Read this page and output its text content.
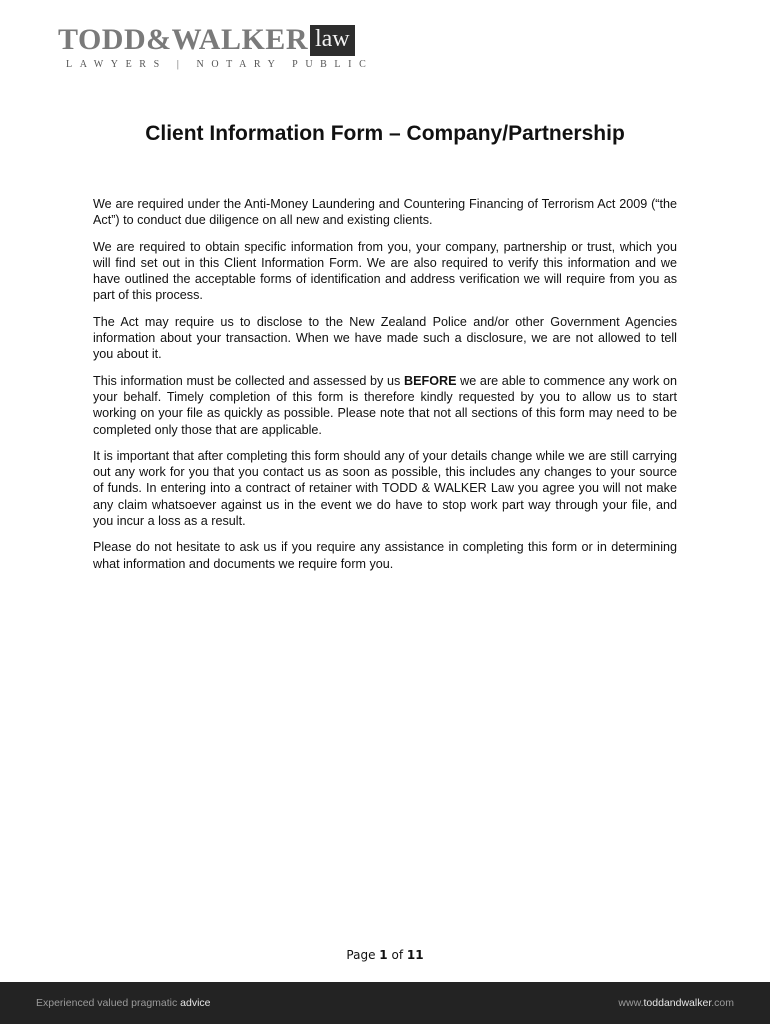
TODD&WALKER law
LAWYERS | NOTARY PUBLIC
Client Information Form – Company/Partnership

We are required under the Anti-Money Laundering and Countering Financing of Terrorism Act 2009 (“the Act”) to conduct due diligence on all new and existing clients.

We are required to obtain specific information from you, your company, partnership or trust, which you will find set out in this Client Information Form. We are also required to verify this information and we have outlined the acceptable forms of identification and address verification we will require from you as part of this process.

The Act may require us to disclose to the New Zealand Police and/or other Government Agencies information about your transaction. When we have made such a disclosure, we are not allowed to tell you about it.

This information must be collected and assessed by us BEFORE we are able to commence any work on your behalf. Timely completion of this form is therefore kindly requested by you to allow us to start working on your file as quickly as possible. Please note that not all sections of this form may need to be completed only those that are applicable.

It is important that after completing this form should any of your details change while we are still carrying out any work for you that you contact us as soon as possible, this includes any changes to your source of funds. In entering into a contract of retainer with TODD & WALKER Law you agree you will not make any claim whatsoever against us in the event we do have to stop work part way through your file, and you incur a loss as a result.

Please do not hesitate to ask us if you require any assistance in completing this form or in determining what information and documents we require form you.

Page 1 of 11
Experienced valued pragmatic advice	www.toddandwalker.com
